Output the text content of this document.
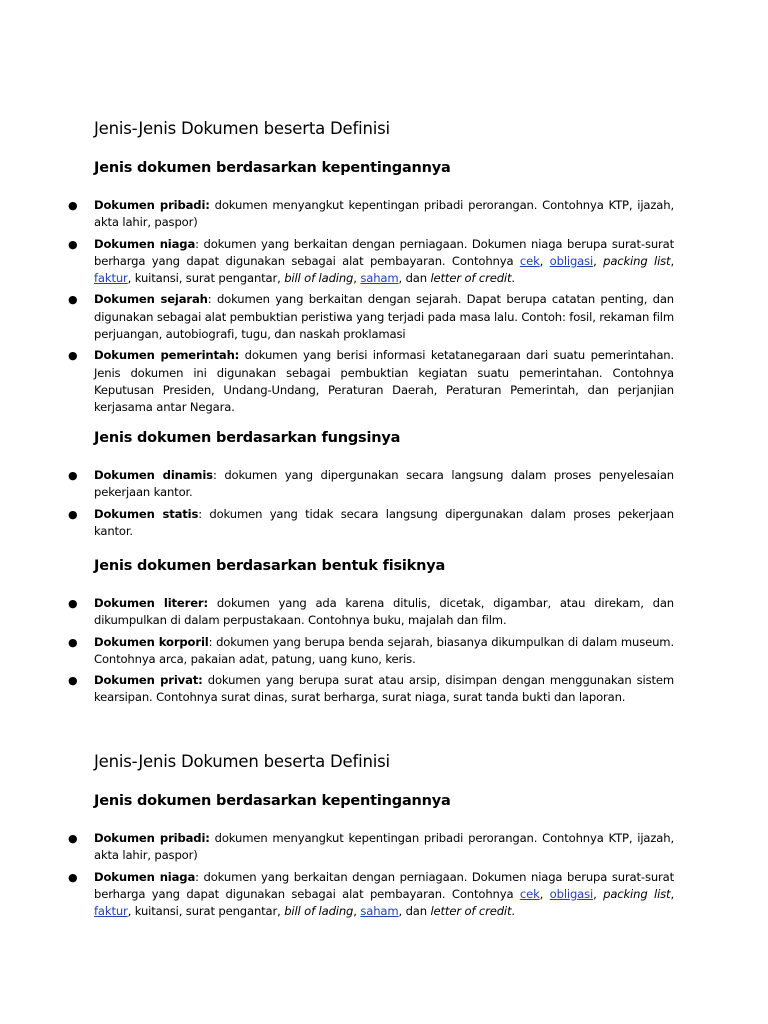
Jenis-Jenis Dokumen beserta Definisi
Jenis dokumen berdasarkan kepentingannya
● Dokumen pribadi: dokumen menyangkut kepentingan pribadi perorangan. Contohnya KTP, ijazah, akta lahir, paspor)
● Dokumen niaga: dokumen yang berkaitan dengan perniagaan. Dokumen niaga berupa surat-surat berharga yang dapat digunakan sebagai alat pembayaran. Contohnya cek, obligasi, packing list, faktur, kuitansi, surat pengantar, bill of lading, saham, dan letter of credit.
● Dokumen sejarah: dokumen yang berkaitan dengan sejarah. Dapat berupa catatan penting, dan digunakan sebagai alat pembuktian peristiwa yang terjadi pada masa lalu. Contoh: fosil, rekaman film perjuangan, autobiografi, tugu, dan naskah proklamasi
● Dokumen pemerintah: dokumen yang berisi informasi ketatanegaraan dari suatu pemerintahan. Jenis dokumen ini digunakan sebagai pembuktian kegiatan suatu pemerintahan. Contohnya Keputusan Presiden, Undang-Undang, Peraturan Daerah, Peraturan Pemerintah, dan perjanjian kerjasama antar Negara.
Jenis dokumen berdasarkan fungsinya
● Dokumen dinamis: dokumen yang dipergunakan secara langsung dalam proses penyelesaian pekerjaan kantor.
● Dokumen statis: dokumen yang tidak secara langsung dipergunakan dalam proses pekerjaan kantor.
Jenis dokumen berdasarkan bentuk fisiknya
● Dokumen literer: dokumen yang ada karena ditulis, dicetak, digambar, atau direkam, dan dikumpulkan di dalam perpustakaan. Contohnya buku, majalah dan film.
● Dokumen korporil: dokumen yang berupa benda sejarah, biasanya dikumpulkan di dalam museum. Contohnya arca, pakaian adat, patung, uang kuno, keris.
● Dokumen privat: dokumen yang berupa surat atau arsip, disimpan dengan menggunakan sistem kearsipan. Contohnya surat dinas, surat berharga, surat niaga, surat tanda bukti dan laporan.
Jenis-Jenis Dokumen beserta Definisi
Jenis dokumen berdasarkan kepentingannya
● Dokumen pribadi: dokumen menyangkut kepentingan pribadi perorangan. Contohnya KTP, ijazah, akta lahir, paspor)
● Dokumen niaga: dokumen yang berkaitan dengan perniagaan. Dokumen niaga berupa surat-surat berharga yang dapat digunakan sebagai alat pembayaran. Contohnya cek, obligasi, packing list, faktur, kuitansi, surat pengantar, bill of lading, saham, dan letter of credit.
